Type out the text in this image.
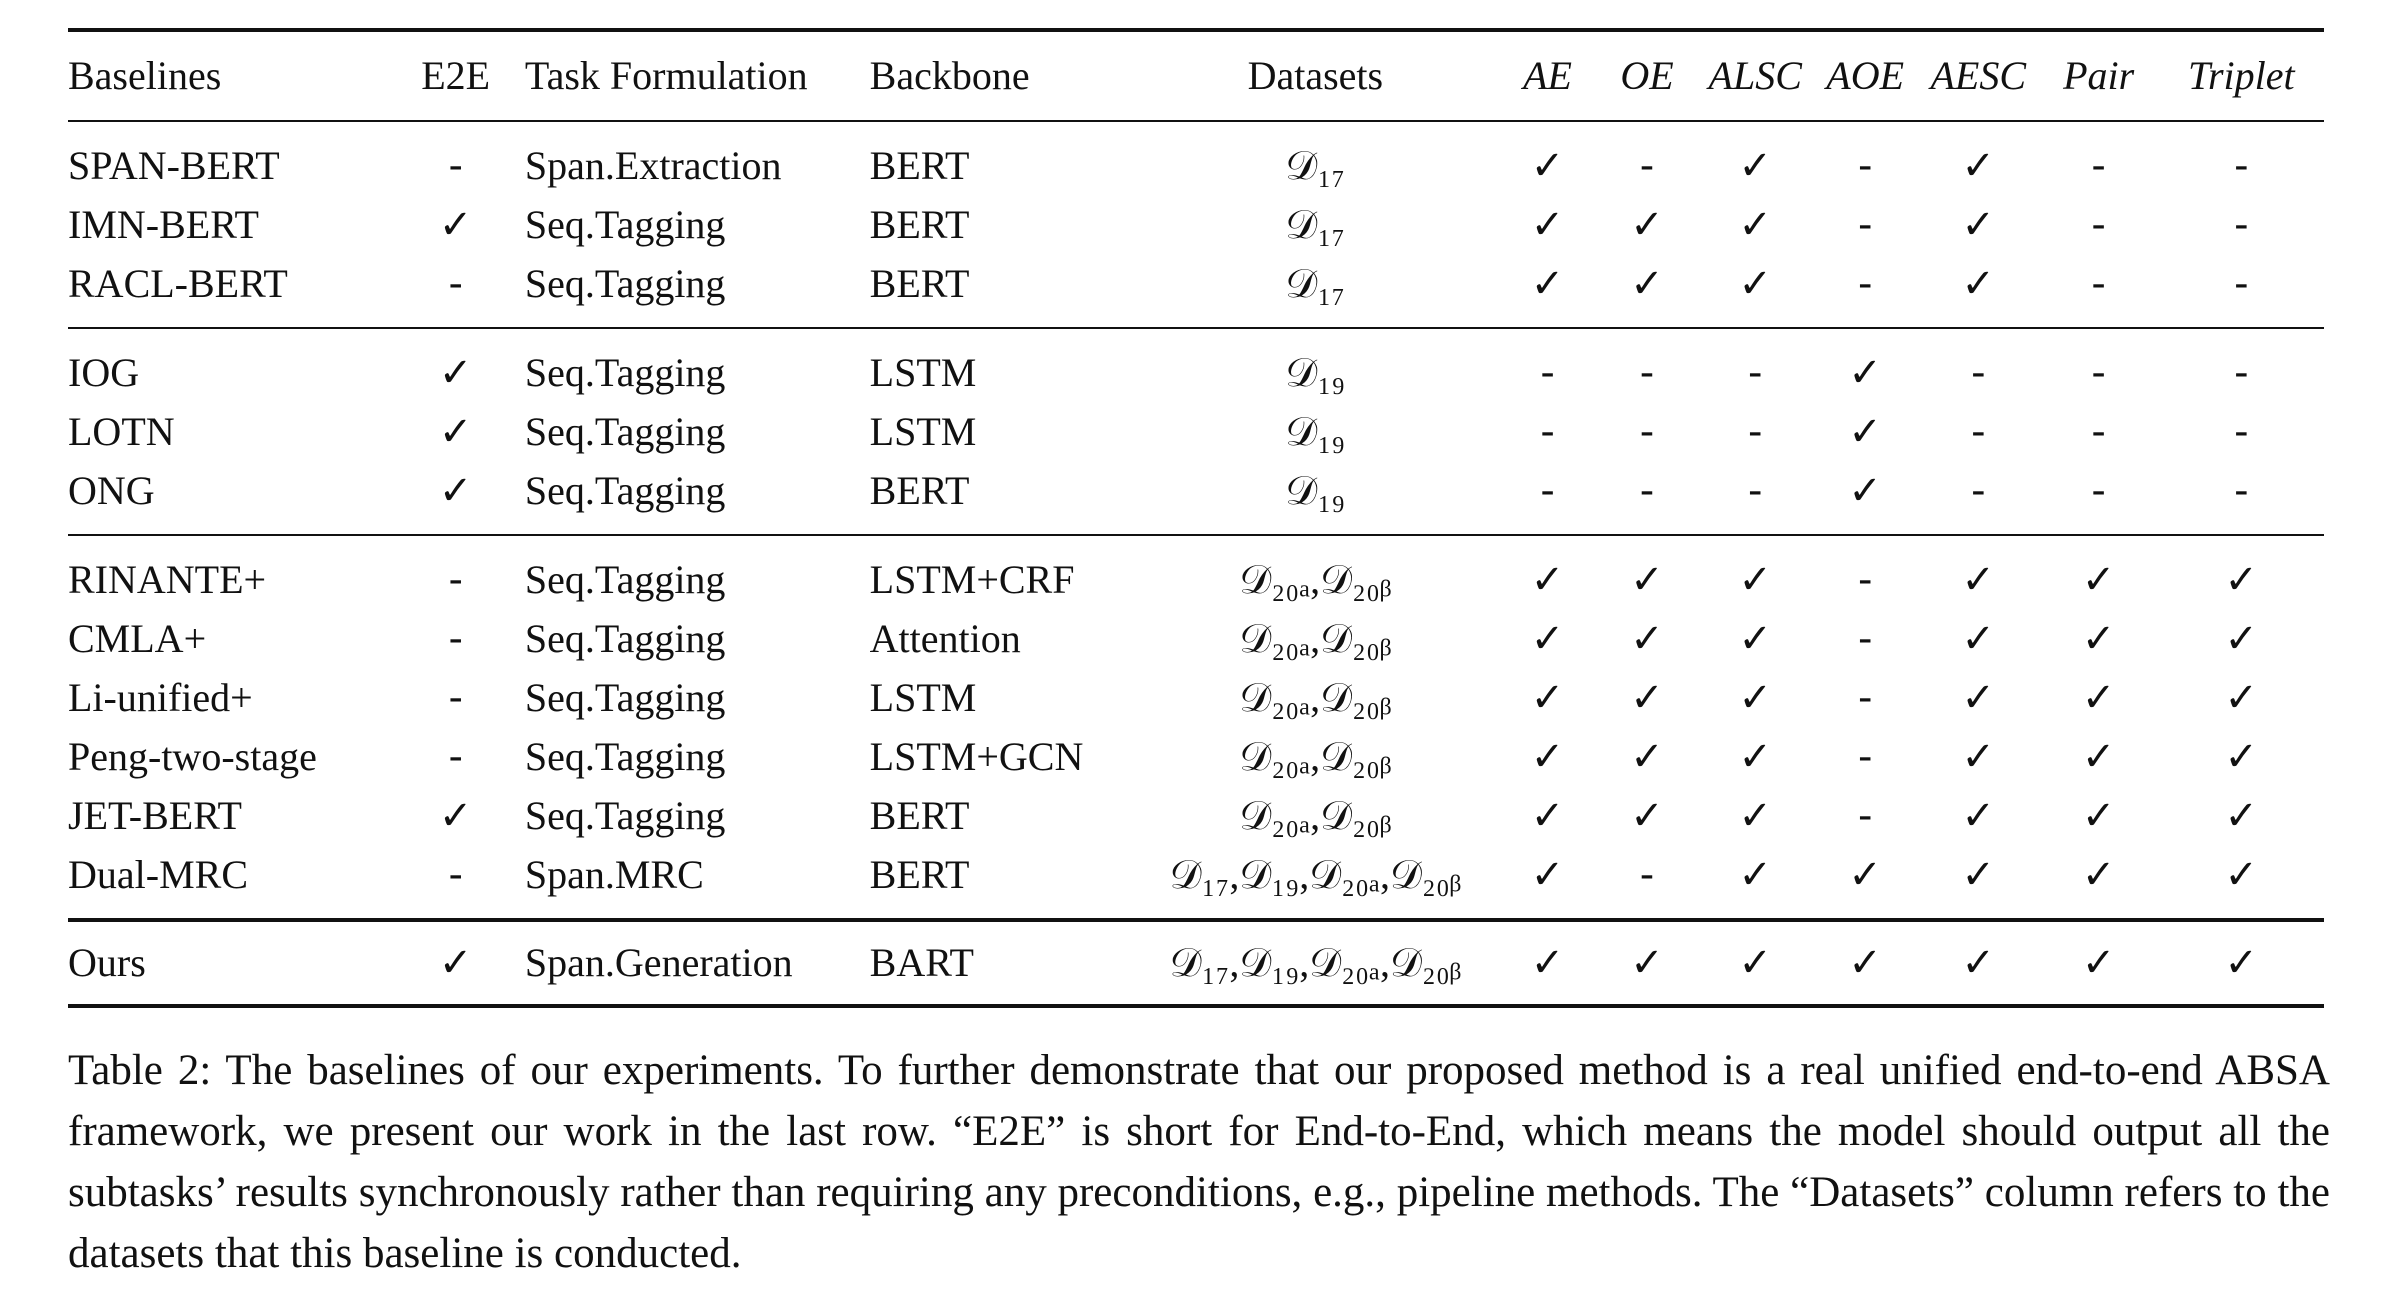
Baselines	E2E	Task Formulation	Backbone	Datasets	AE	OE	ALSC	AOE	AESC	Pair	Triplet
SPAN-BERT	-	Span.Extraction	BERT	𝒟₁₇	✓	-	✓	-	✓	-	-
IMN-BERT	✓	Seq.Tagging	BERT	𝒟₁₇	✓	✓	✓	-	✓	-	-
RACL-BERT	-	Seq.Tagging	BERT	𝒟₁₇	✓	✓	✓	-	✓	-	-
IOG	✓	Seq.Tagging	LSTM	𝒟₁₉	-	-	-	✓	-	-	-
LOTN	✓	Seq.Tagging	LSTM	𝒟₁₉	-	-	-	✓	-	-	-
ONG	✓	Seq.Tagging	BERT	𝒟₁₉	-	-	-	✓	-	-	-
RINANTE+	-	Seq.Tagging	LSTM+CRF	𝒟₂₀ₐ,𝒟₂₀ᵦ	✓	✓	✓	-	✓	✓	✓
CMLA+	-	Seq.Tagging	Attention	𝒟₂₀ₐ,𝒟₂₀ᵦ	✓	✓	✓	-	✓	✓	✓
Li-unified+	-	Seq.Tagging	LSTM	𝒟₂₀ₐ,𝒟₂₀ᵦ	✓	✓	✓	-	✓	✓	✓
Peng-two-stage	-	Seq.Tagging	LSTM+GCN	𝒟₂₀ₐ,𝒟₂₀ᵦ	✓	✓	✓	-	✓	✓	✓
JET-BERT	✓	Seq.Tagging	BERT	𝒟₂₀ₐ,𝒟₂₀ᵦ	✓	✓	✓	-	✓	✓	✓
Dual-MRC	-	Span.MRC	BERT	𝒟₁₇,𝒟₁₉,𝒟₂₀ₐ,𝒟₂₀ᵦ	✓	-	✓	✓	✓	✓	✓
Ours	✓	Span.Generation	BART	𝒟₁₇,𝒟₁₉,𝒟₂₀ₐ,𝒟₂₀ᵦ	✓	✓	✓	✓	✓	✓	✓

Table 2: The baselines of our experiments. To further demonstrate that our proposed method is a real unified end-to-end ABSA framework, we present our work in the last row. “E2E” is short for End-to-End, which means the model should output all the subtasks’ results synchronously rather than requiring any preconditions, e.g., pipeline methods. The “Datasets” column refers to the datasets that this baseline is conducted.
